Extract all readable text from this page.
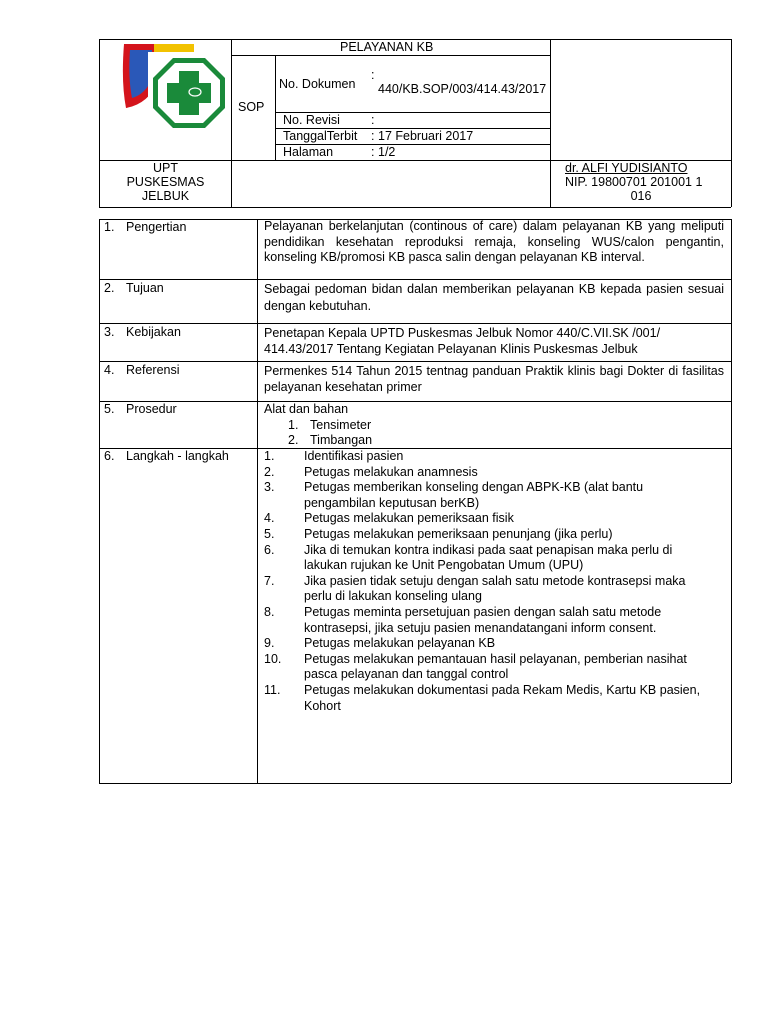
PELAYANAN KB
SOP
No. Dokumen
:
440/KB.SOP/003/414.43/2017
No. Revisi :
TanggalTerbit : 17 Februari 2017
Halaman	: 1/2
UPT
PUSKESMAS
JELBUK
dr. ALFI YUDISIANTO
NIP. 19800701 201001 1
016
1. Pengertian	Pelayanan berkelanjutan (continous of care) dalam pelayanan KB yang meliputi pendidikan kesehatan reproduksi remaja, konseling WUS/calon pengantin, konseling KB/promosi KB pasca salin dengan pelayanan KB interval.
2. Tujuan	Sebagai pedoman bidan dalan memberikan pelayanan KB kepada pasien sesuai dengan kebutuhan.
3. Kebijakan	Penetapan Kepala UPTD Puskesmas Jelbuk Nomor 440/C.VII.SK /001/ 414.43/2017 Tentang Kegiatan Pelayanan Klinis Puskesmas Jelbuk
4. Referensi	Permenkes 514 Tahun 2015 tentnag panduan Praktik klinis bagi Dokter di fasilitas pelayanan kesehatan primer
5. Prosedur	Alat dan bahan
1. Tensimeter
2. Timbangan
6. Langkah - langkah	1.	Identifikasi pasien
2.	Petugas melakukan anamnesis
3.	Petugas memberikan konseling dengan ABPK-KB (alat bantu pengambilan keputusan berKB)
4.	Petugas melakukan pemeriksaan fisik
5.	Petugas melakukan pemeriksaan penunjang (jika perlu)
6.	Jika di temukan kontra indikasi pada saat penapisan maka perlu di lakukan rujukan ke Unit Pengobatan Umum (UPU)
7.	Jika pasien tidak setuju dengan salah satu metode kontrasepsi maka perlu di lakukan konseling ulang
8.	Petugas meminta persetujuan pasien dengan salah satu metode kontrasepsi, jika setuju pasien menandatangani inform consent.
9.	Petugas melakukan pelayanan KB
10.	Petugas melakukan pemantauan hasil pelayanan, pemberian nasihat pasca pelayanan dan tanggal control
11.	Petugas melakukan dokumentasi pada Rekam Medis, Kartu KB pasien, Kohort
